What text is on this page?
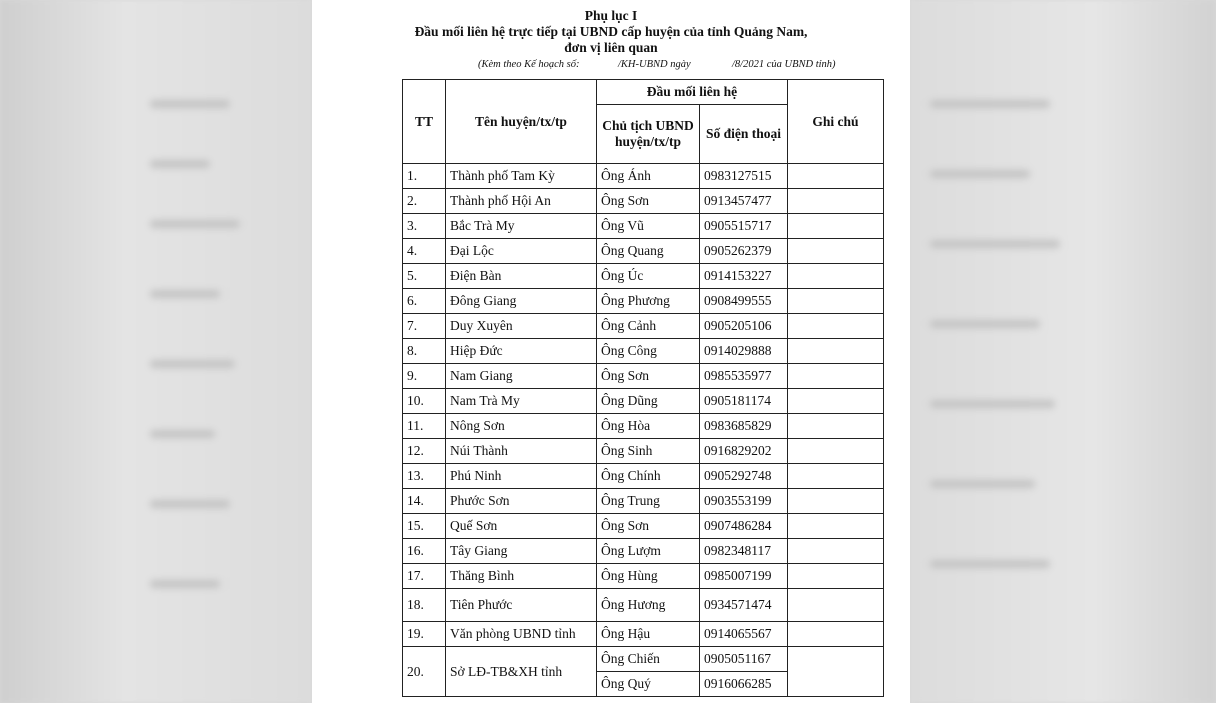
Phụ lục I
Đầu mối liên hệ trực tiếp tại UBND cấp huyện của tỉnh Quảng Nam,
đơn vị liên quan
(Kèm theo Kế hoạch số:	/KH-UBND ngày	/8/2021 của UBND tỉnh)
TT	Tên huyện/tx/tp	Đầu mối liên hệ		Ghi chú
		Chủ tịch UBND huyện/tx/tp	Số điện thoại	
1.	Thành phố Tam Kỳ	Ông Ánh	0983127515	
2.	Thành phố Hội An	Ông Sơn	0913457477	
3.	Bắc Trà My	Ông Vũ	0905515717	
4.	Đại Lộc	Ông Quang	0905262379	
5.	Điện Bàn	Ông Úc	0914153227	
6.	Đông Giang	Ông Phương	0908499555	
7.	Duy Xuyên	Ông Cảnh	0905205106	
8.	Hiệp Đức	Ông Công	0914029888	
9.	Nam Giang	Ông Sơn	0985535977	
10.	Nam Trà My	Ông Dũng	0905181174	
11.	Nông Sơn	Ông Hòa	0983685829	
12.	Núi Thành	Ông Sinh	0916829202	
13.	Phú Ninh	Ông Chính	0905292748	
14.	Phước Sơn	Ông Trung	0903553199	
15.	Quế Sơn	Ông Sơn	0907486284	
16.	Tây Giang	Ông Lượm	0982348117	
17.	Thăng Bình	Ông Hùng	0985007199	
18.	Tiên Phước	Ông Hương	0934571474	
19.	Văn phòng UBND tỉnh	Ông Hậu	0914065567	
20.	Sở LĐ-TB&XH tỉnh	Ông Chiến	0905051167	
		Ông Quý	0916066285	
